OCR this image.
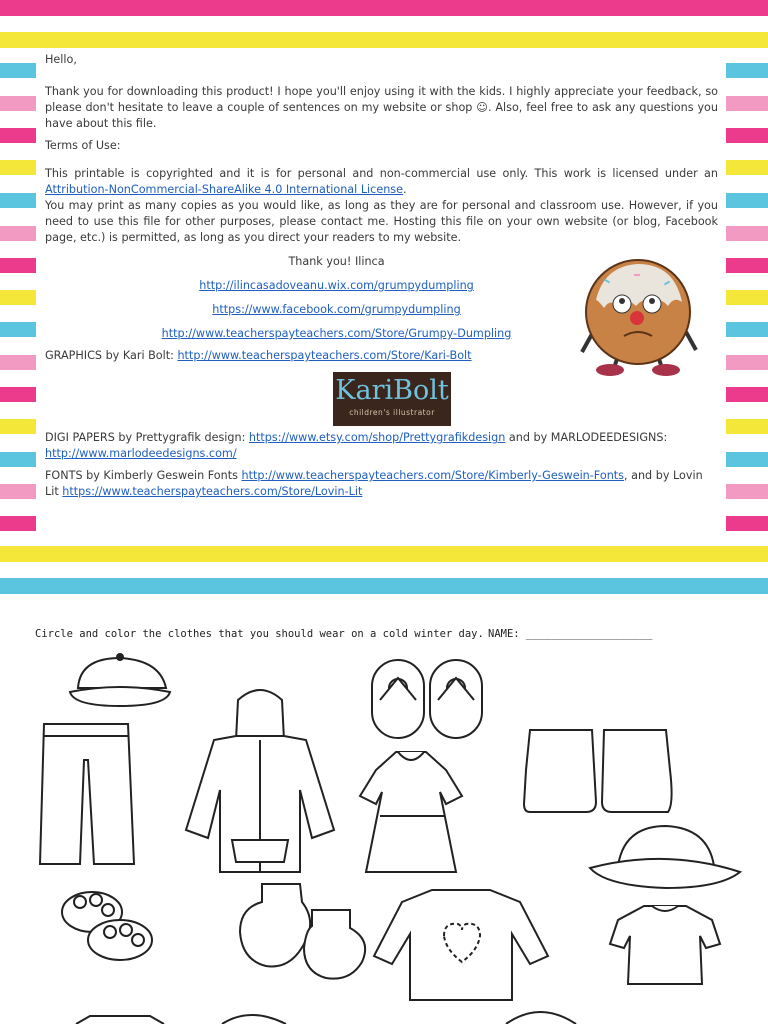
Hello,

Thank you for downloading this product! I hope you'll enjoy using it with the kids. I highly appreciate your feedback, so please don't hesitate to leave a couple of sentences on my website or shop ☺. Also, feel free to ask any questions you have about this file.

Terms of Use:

This printable is copyrighted and it is for personal and non-commercial use only. This work is licensed under an Attribution-NonCommercial-ShareAlike 4.0 International License.

You may print as many copies as you would like, as long as they are for personal and classroom use. However, if you need to use this file for other purposes, please contact me. Hosting this file on your own website (or blog, Facebook page, etc.) is permitted, as long as you direct your readers to my website.

Thank you! Ilinca

http://ilincasadoveanu.wix.com/grumpydumpling

https://www.facebook.com/grumpydumpling

http://www.teacherspayteachers.com/Store/Grumpy-Dumpling

GRAPHICS by Kari Bolt: http://www.teacherspayteachers.com/Store/Kari-Bolt

KariBolt
children's illustrator

DIGI PAPERS by Prettygrafik design: https://www.etsy.com/shop/Prettygrafikdesign and by MARLODEEDESIGNS: http://www.marlodeedesigns.com/

FONTS by Kimberly Geswein Fonts http://www.teacherspayteachers.com/Store/Kimberly-Geswein-Fonts, and by Lovin Lit https://www.teacherspayteachers.com/Store/Lovin-Lit

Circle and color the clothes that you should wear on a cold winter day. NAME: ____________________
